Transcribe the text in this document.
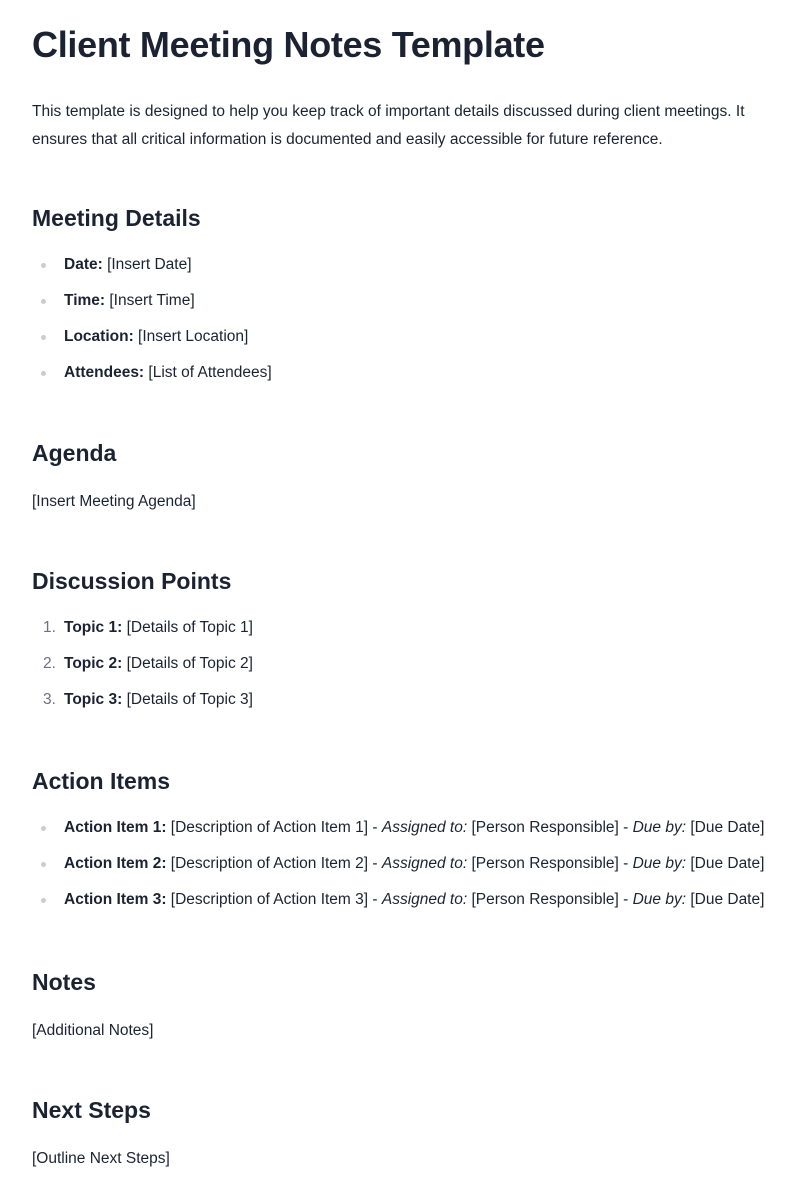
Client Meeting Notes Template

This template is designed to help you keep track of important details discussed during client meetings. It ensures that all critical information is documented and easily accessible for future reference.

Meeting Details
Date: [Insert Date]
Time: [Insert Time]
Location: [Insert Location]
Attendees: [List of Attendees]
Agenda

[Insert Meeting Agenda]

Discussion Points
1. Topic 1: [Details of Topic 1]
2. Topic 2: [Details of Topic 2]
3. Topic 3: [Details of Topic 3]
Action Items
Action Item 1: [Description of Action Item 1] - Assigned to: [Person Responsible] - Due by: [Due Date]
Action Item 2: [Description of Action Item 2] - Assigned to: [Person Responsible] - Due by: [Due Date]
Action Item 3: [Description of Action Item 3] - Assigned to: [Person Responsible] - Due by: [Due Date]
Notes

[Additional Notes]

Next Steps

[Outline Next Steps]
